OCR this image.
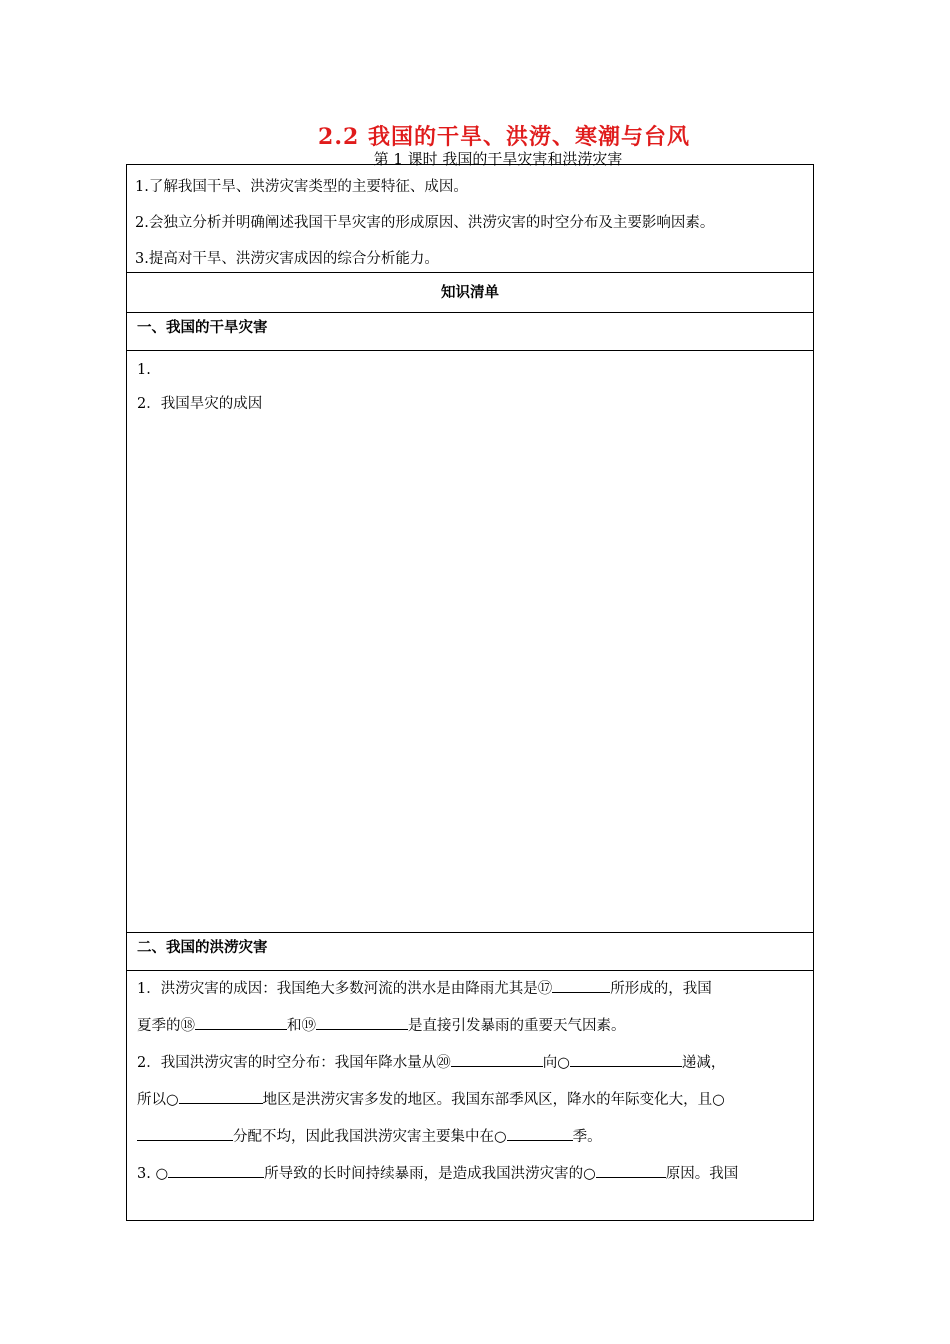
2.2 我国的干旱、洪涝、寒潮与台风
第 1 课时 我国的干旱灾害和洪涝灾害

1.了解我国干旱、洪涝灾害类型的主要特征、成因。

2.会独立分析并明确阐述我国干旱灾害的形成原因、洪涝灾害的时空分布及主要影响因素。

3.提高对干旱、洪涝灾害成因的综合分析能力。

知识清单
一、我国的干旱灾害

1.

2．我国旱灾的成因

二、我国的洪涝灾害

1．洪涝灾害的成因：我国绝大多数河流的洪水是由降雨尤其是⑰	所形成的，我国

夏季的⑱	和⑲	是直接引发暴雨的重要天气因素。

2．我国洪涝灾害的时空分布：我国年降水量从⑳	向○	递减，

所以○	地区是洪涝灾害多发的地区。我国东部季风区，降水的年际变化大，且○

分配不均，因此我国洪涝灾害主要集中在○	季。

3. ○	所导致的长时间持续暴雨，是造成我国洪涝灾害的○	原因。我国
